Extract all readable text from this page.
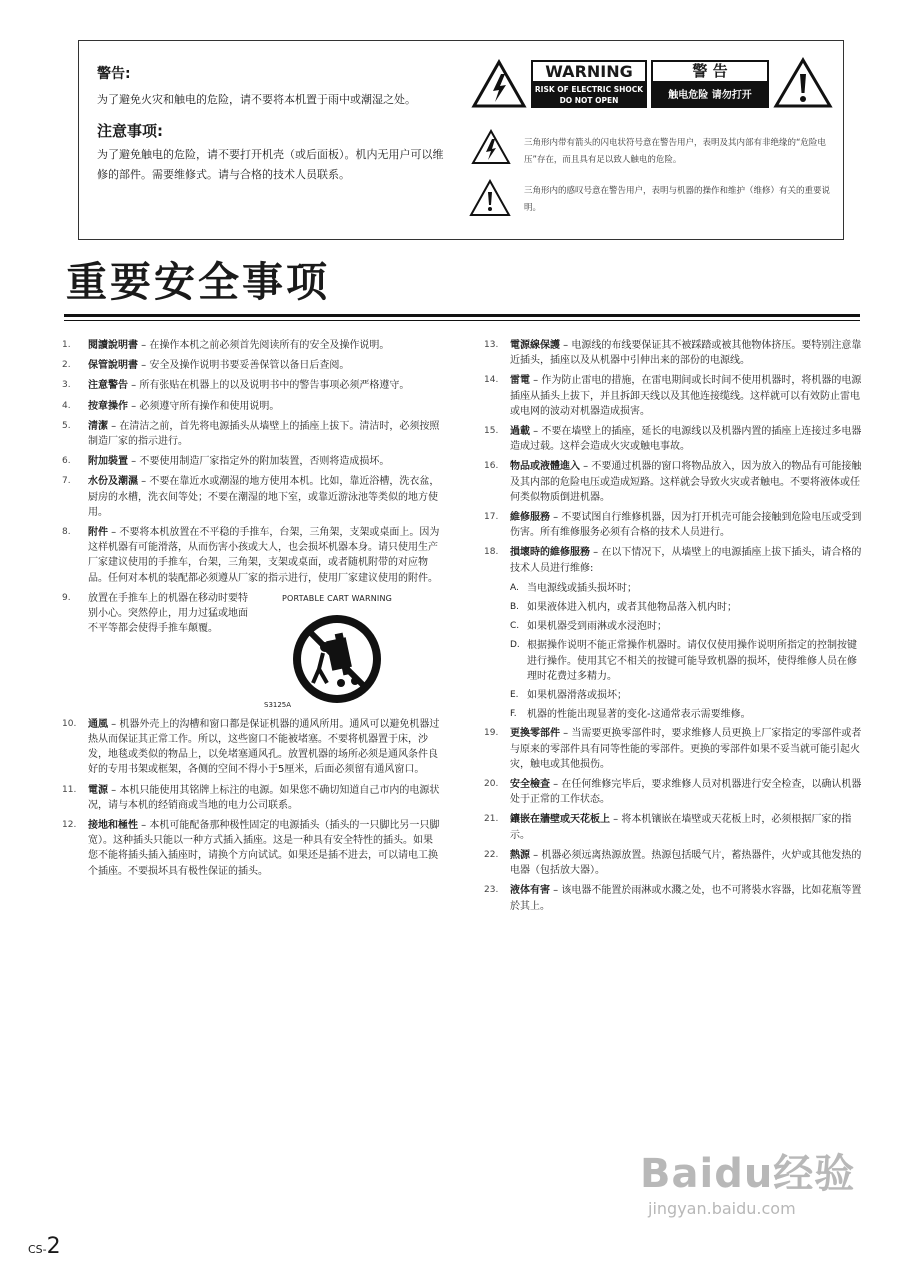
警告:

为了避免火灾和触电的危险，请不要将本机置于雨中或潮湿之处。

注意事项:

为了避免触电的危险，请不要打开机壳（或后面板）。机内无用户可以维修的部件。需要维修式。请与合格的技术人员联系。

WARNING
RISK OF ELECTRIC SHOCK
DO NOT OPEN
警 告
触电危险 请勿打开
三角形内带有箭头的闪电状符号意在警告用户，表明及其内部有非绝缘的“危险电压”存在，而且具有足以致人触电的危险。
三角形内的感叹号意在警告用户，表明与机器的操作和维护（维修）有关的重要说明。
重要安全事项
1.	閱讀說明書 – 在操作本机之前必须首先阅读所有的安全及操作说明。
2.	保管說明書 – 安全及操作说明书要妥善保管以备日后查阅。
3.	注意警告 – 所有张贴在机器上的以及说明书中的警告事项必须严格遵守。
4.	按章操作 – 必须遵守所有操作和使用说明。
5.	清潔 – 在清洁之前，首先将电源插头从墙壁上的插座上拔下。清洁时，必须按照制造厂家的指示进行。
6.	附加裝置 – 不要使用制造厂家指定外的附加装置，否则将造成损坏。
7.	水份及潮濕 – 不要在靠近水或潮湿的地方使用本机。比如，靠近浴槽，洗衣盆，厨房的水槽，洗衣间等处；不要在潮湿的地下室，或靠近游泳池等类似的地方使用。
8.	附件 – 不要将本机放置在不平稳的手推车，台架，三角架，支架或桌面上。因为这样机器有可能滑落，从而伤害小孩或大人，也会损坏机器本身。请只使用生产厂家建议使用的手推车，台架，三角架，支架或桌面，或者随机附带的对应物品。任何对本机的装配都必须遵从厂家的指示进行，使用厂家建议使用的附件。
9.	放置在手推车上的机器在移动时要特别小心。突然停止，用力过猛或地面不平等都会使得手推车颠覆。
PORTABLE CART WARNING
S3125A
10.	通風 – 机器外壳上的沟槽和窗口都是保证机器的通风所用。通风可以避免机器过热从而保证其正常工作。所以，这些窗口不能被堵塞。不要将机器置于床，沙发，地毯或类似的物品上，以免堵塞通风孔。放置机器的场所必须是通风条件良好的专用书架或框架，各侧的空间不得小于5厘米，后面必须留有通风窗口。
11.	電源 – 本机只能使用其铭牌上标注的电源。如果您不确切知道自己市内的电源状况，请与本机的经销商或当地的电力公司联系。
12.	接地和極性 – 本机可能配备那种极性固定的电源插头（插头的一只脚比另一只脚宽）。这种插头只能以一种方式插入插座。这是一种具有安全特性的插头。如果您不能将插头插入插座时，请换个方向试试。如果还是插不进去，可以请电工换个插座。不要损坏具有极性保证的插头。
13.	電源線保護 – 电源线的布线要保证其不被踩踏或被其他物体挤压。要特别注意靠近插头，插座以及从机器中引伸出来的部份的电源线。
14.	雷電 – 作为防止雷电的措施，在雷电期间或长时间不使用机器时，将机器的电源插座从插头上拔下，并且拆卸天线以及其他连接缆线。这样就可以有效防止雷电或电网的波动对机器造成损害。
15.	過載 – 不要在墙壁上的插座，延长的电源线以及机器内置的插座上连接过多电器造成过载。这样会造成火灾或触电事故。
16.	物品或液體進入 – 不要通过机器的窗口将物品放入，因为放入的物品有可能接触及其内部的危险电压或造成短路。这样就会导致火灾或者触电。不要将液体或任何类似物质倒进机器。
17.	維修服務 – 不要试图自行维修机器，因为打开机壳可能会接触到危险电压或受到伤害。所有维修服务必须有合格的技术人员进行。
18.	損壞時的維修服務 – 在以下情况下，从墙壁上的电源插座上拔下插头，请合格的技术人员进行维修:
A. 当电源线或插头损坏时；
B. 如果液体进入机内，或者其他物品落入机内时；
C. 如果机器受到雨淋或水浸泡时；
D. 根据操作说明不能正常操作机器时。请仅仅使用操作说明所指定的控制按键进行操作。使用其它不相关的按键可能导致机器的损坏，使得维修人员在修理时花费过多精力。
E. 如果机器滑落或损坏；
F.	机器的性能出现显著的变化-这通常表示需要维修。
19.	更換零部件 – 当需要更换零部件时，要求维修人员更换上厂家指定的零部件或者与原来的零部件具有同等性能的零部件。更换的零部件如果不妥当就可能引起火灾，触电或其他损伤。
20.	安全檢查 – 在任何维修完毕后，要求维修人员对机器进行安全检查，以确认机器处于正常的工作状态。
21.	鑲嵌在牆壁或天花板上 – 将本机镶嵌在墙壁或天花板上时，必须根据厂家的指示。
22.	熱源 – 机器必须远离热源放置。热源包括暖气片，蓄热器件，火炉或其他发热的电器（包括放大器）。
23.	液体有害 – 该电器不能置於雨淋或水濺之处，也不可將裝水容器，比如花瓶等置於其上。
CS-2
Baidu经验
jingyan.baidu.com
